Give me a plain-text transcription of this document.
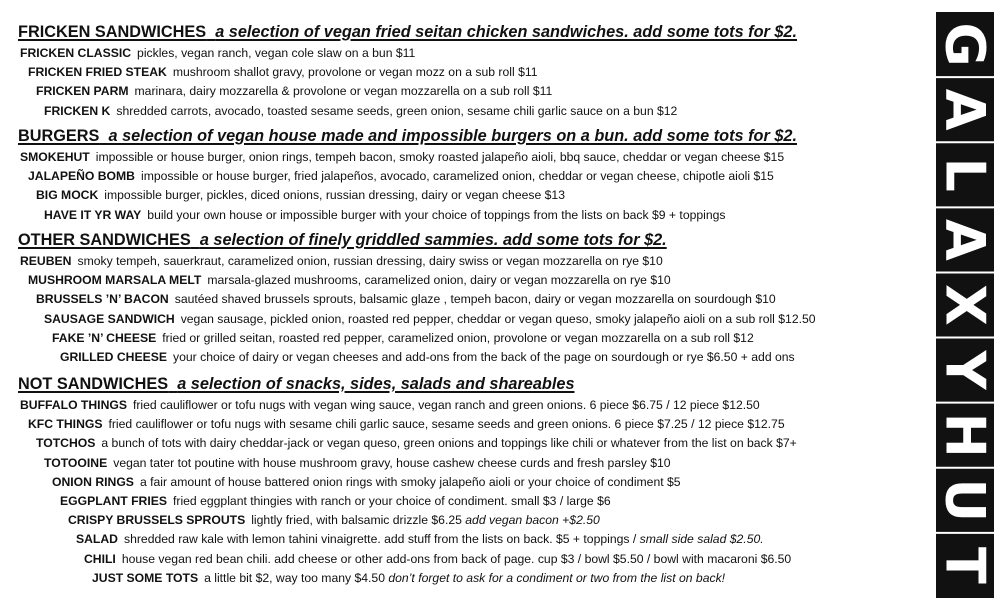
FRICKEN SANDWICHES a selection of vegan fried seitan chicken sandwiches. add some tots for $2.
FRICKEN CLASSIC pickles, vegan ranch, vegan cole slaw on a bun $11
FRICKEN FRIED STEAK mushroom shallot gravy, provolone or vegan mozz on a sub roll $11
FRICKEN PARM marinara, dairy mozzarella & provolone or vegan mozzarella on a sub roll $11
FRICKEN K shredded carrots, avocado, toasted sesame seeds, green onion, sesame chili garlic sauce on a bun $12
BURGERS a selection of vegan house made and impossible burgers on a bun. add some tots for $2.
SMOKEHUT impossible or house burger, onion rings, tempeh bacon, smoky roasted jalapeño aioli, bbq sauce, cheddar or vegan cheese $15
JALAPEÑO BOMB impossible or house burger, fried jalapeños, avocado, caramelized onion, cheddar or vegan cheese, chipotle aioli $15
BIG MOCK impossible burger, pickles, diced onions, russian dressing, dairy or vegan cheese $13
HAVE IT YR WAY build your own house or impossible burger with your choice of toppings from the lists on back $9 + toppings
OTHER SANDWICHES a selection of finely griddled sammies. add some tots for $2.
REUBEN smoky tempeh, sauerkraut, caramelized onion, russian dressing, dairy swiss or vegan mozzarella on rye $10
MUSHROOM MARSALA MELT marsala-glazed mushrooms, caramelized onion, dairy or vegan mozzarella on rye $10
BRUSSELS ’N’ BACON sautéed shaved brussels sprouts, balsamic glaze , tempeh bacon, dairy or vegan mozzarella on sourdough $10
SAUSAGE SANDWICH vegan sausage, pickled onion, roasted red pepper, cheddar or vegan queso, smoky jalapeño aioli on a sub roll $12.50
FAKE ’N’ CHEESE fried or grilled seitan, roasted red pepper, caramelized onion, provolone or vegan mozzarella on a sub roll $12
GRILLED CHEESE your choice of dairy or vegan cheeses and add-ons from the back of the page on sourdough or rye $6.50 + add ons
NOT SANDWICHES a selection of snacks, sides, salads and shareables
BUFFALO THINGS fried cauliflower or tofu nugs with vegan wing sauce, vegan ranch and green onions. 6 piece $6.75 / 12 piece $12.50
KFC THINGS fried cauliflower or tofu nugs with sesame chili garlic sauce, sesame seeds and green onions. 6 piece $7.25 / 12 piece $12.75
TOTCHOS a bunch of tots with dairy cheddar-jack or vegan queso, green onions and toppings like chili or whatever from the list on back $7+
TOTOOINE vegan tater tot poutine with house mushroom gravy, house cashew cheese curds and fresh parsley $10
ONION RINGS a fair amount of house battered onion rings with smoky jalapeño aioli or your choice of condiment $5
EGGPLANT FRIES fried eggplant thingies with ranch or your choice of condiment. small $3 / large $6
CRISPY BRUSSELS SPROUTS lightly fried, with balsamic drizzle $6.25 add vegan bacon +$2.50
SALAD shredded raw kale with lemon tahini vinaigrette. add stuff from the lists on back. $5 + toppings / small side salad $2.50.
CHILI house vegan red bean chili. add cheese or other add-ons from back of page. cup $3 / bowl $5.50 / bowl with macaroni $6.50
JUST SOME TOTS a little bit $2, way too many $4.50 don’t forget to ask for a condiment or two from the list on back!
G
A
L
A
X
Y
H
U
T
